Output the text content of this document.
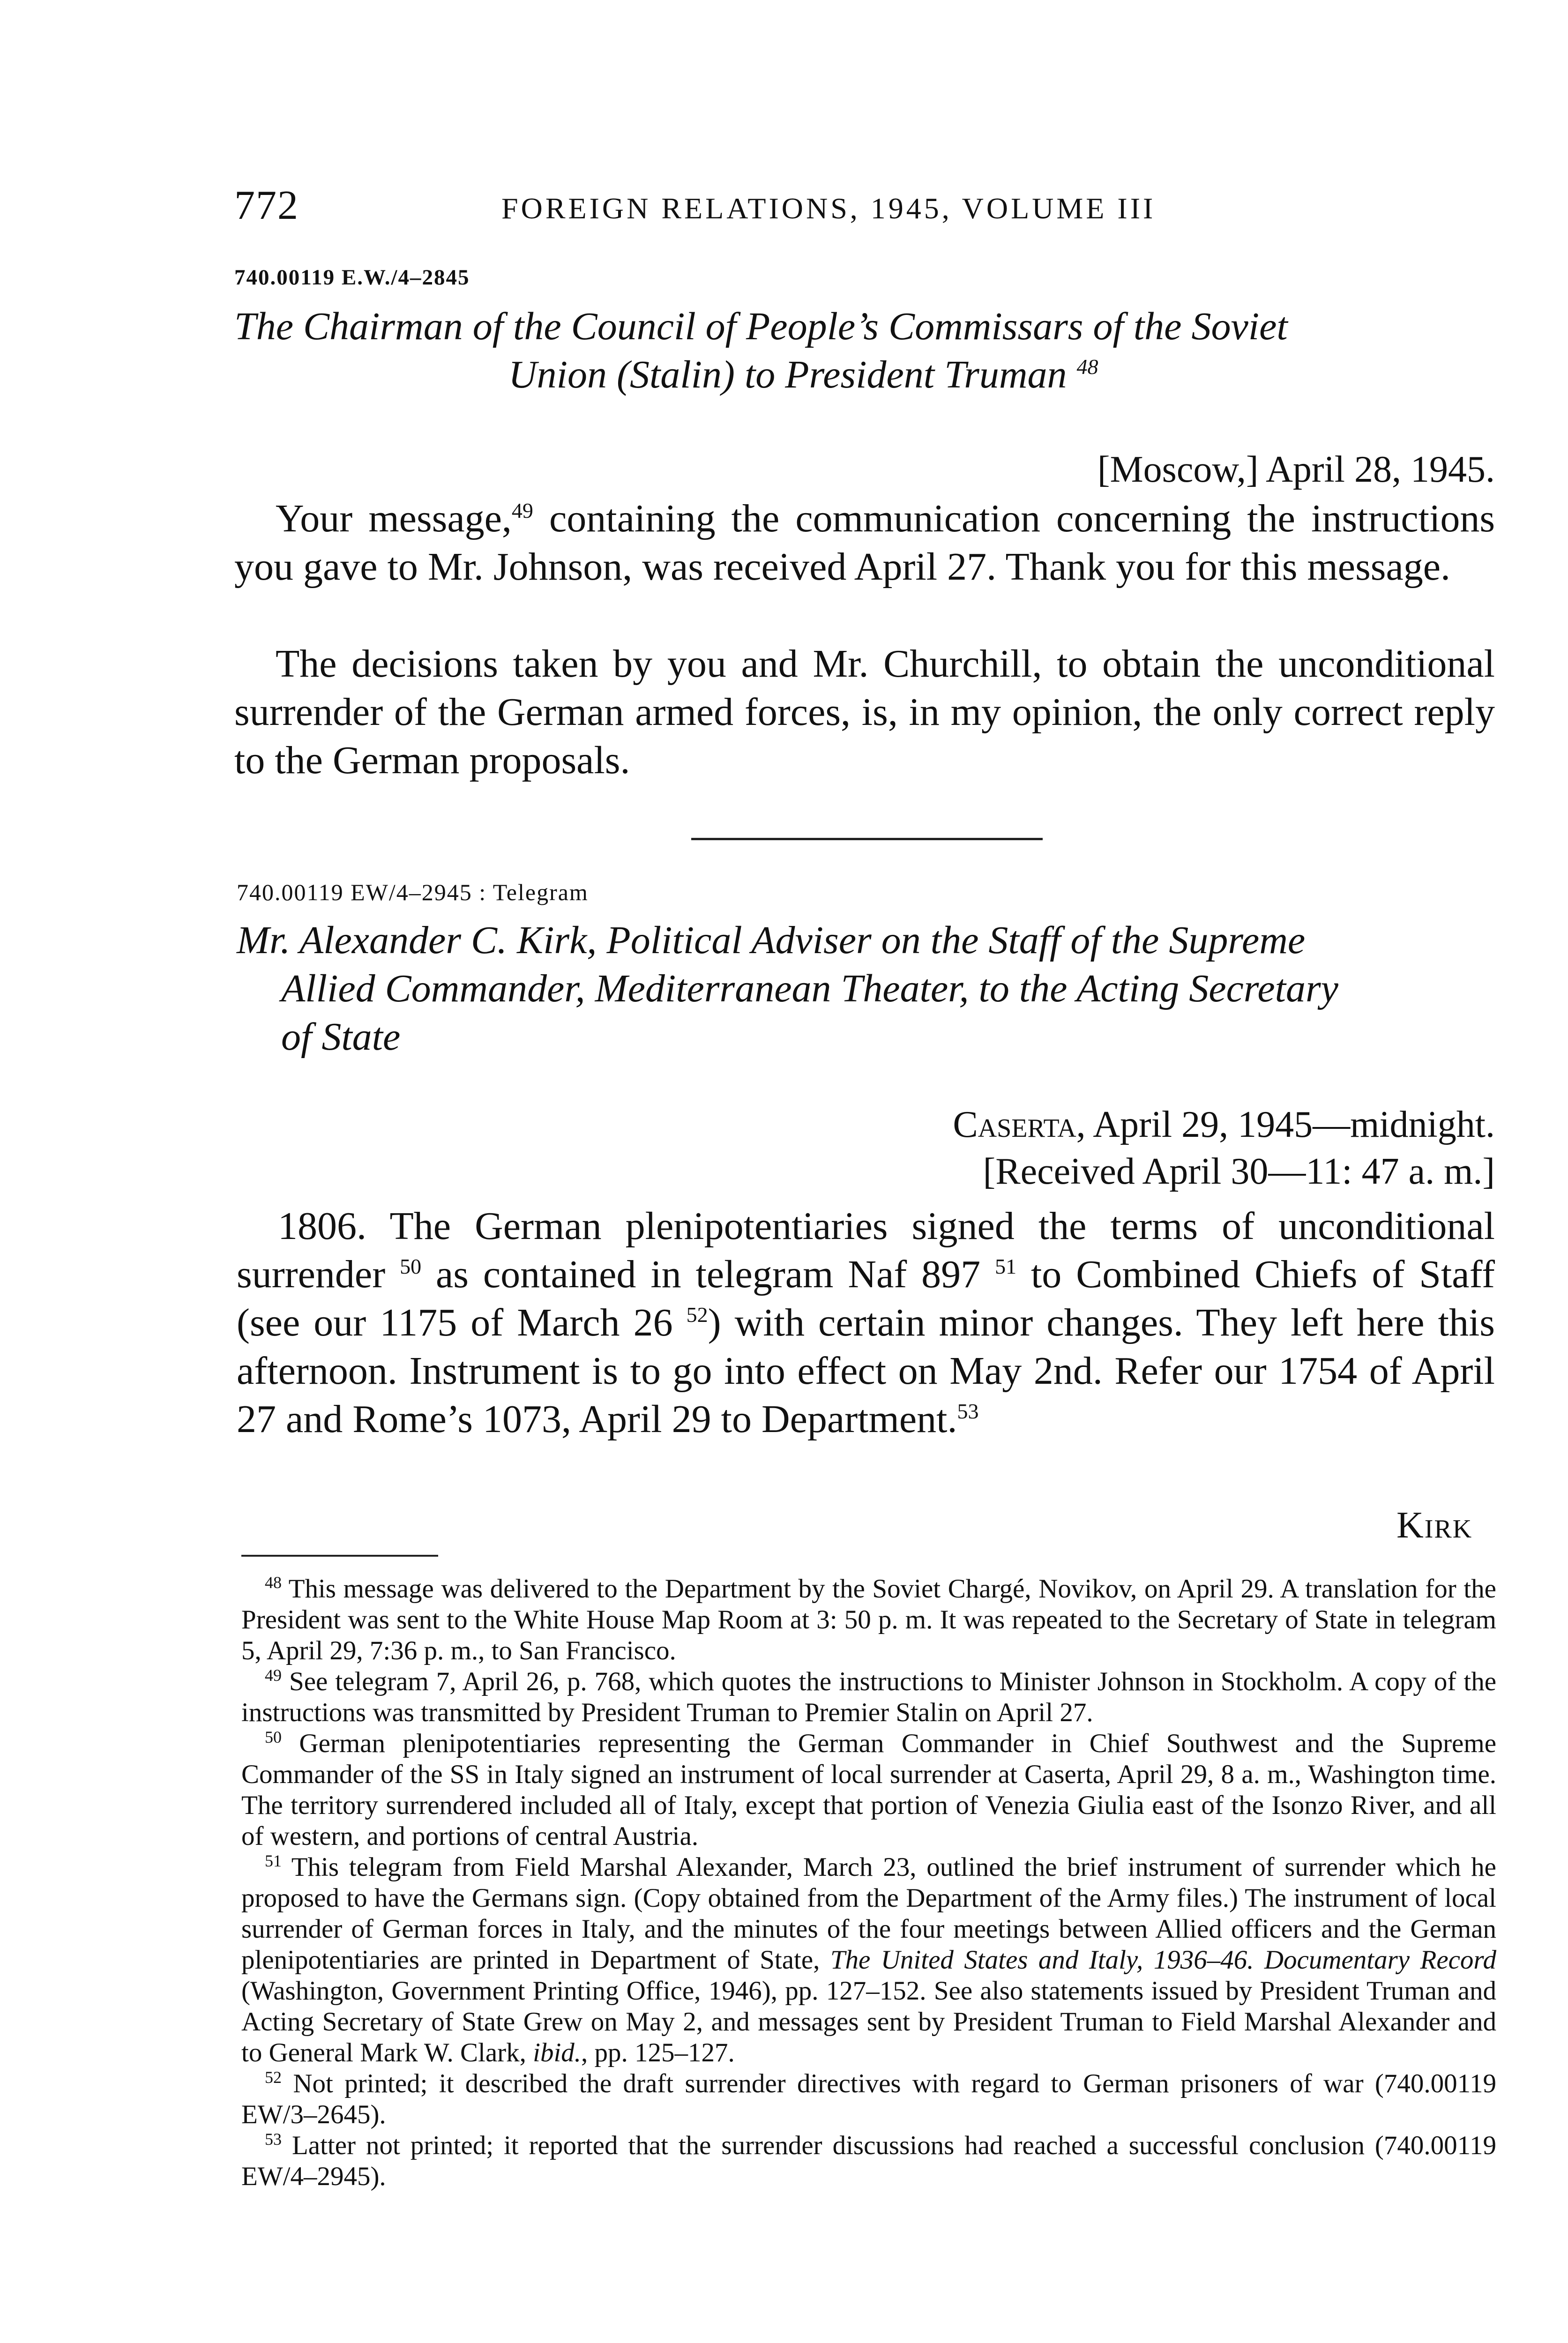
772	FOREIGN RELATIONS, 1945, VOLUME III
740.00119 E.W./4–2845
The Chairman of the Council of People’s Commissars of the Soviet
Union (Stalin) to President Truman $^{48}$
[Moscow,] April 28, 1945.
Your message,$^{49}$ containing the communication concerning the instructions you gave to Mr. Johnson, was received April 27. Thank you for this message.
The decisions taken by you and Mr. Churchill, to obtain the unconditional surrender of the German armed forces, is, in my opinion, the only correct reply to the German proposals.
740.00119 EW/4–2945 : Telegram
Mr. Alexander C. Kirk, Political Adviser on the Staff of the Supreme
Allied Commander, Mediterranean Theater, to the Acting Secretary
of State
Caserta, April 29, 1945—midnight.
[Received April 30—11: 47 a. m.]
1806. The German plenipotentiaries signed the terms of unconditional surrender $^{50}$ as contained in telegram Naf 897 $^{51}$ to Combined Chiefs of Staff (see our 1175 of March 26 $^{52}$) with certain minor changes. They left here this afternoon. Instrument is to go into effect on May 2nd. Refer our 1754 of April 27 and Rome’s 1073, April 29 to Department.$^{53}$
Kirk

$^{48}$ This message was delivered to the Department by the Soviet Chargé, Novikov, on April 29. A translation for the President was sent to the White House Map Room at 3: 50 p. m. It was repeated to the Secretary of State in telegram 5, April 29, 7:36 p. m., to San Francisco.

$^{49}$ See telegram 7, April 26, p. 768, which quotes the instructions to Minister Johnson in Stockholm. A copy of the instructions was transmitted by President Truman to Premier Stalin on April 27.

$^{50}$ German plenipotentiaries representing the German Commander in Chief Southwest and the Supreme Commander of the SS in Italy signed an instrument of local surrender at Caserta, April 29, 8 a. m., Washington time. The territory surrendered included all of Italy, except that portion of Venezia Giulia east of the Isonzo River, and all of western, and portions of central Austria.

$^{51}$ This telegram from Field Marshal Alexander, March 23, outlined the brief instrument of surrender which he proposed to have the Germans sign. (Copy obtained from the Department of the Army files.) The instrument of local surrender of German forces in Italy, and the minutes of the four meetings between Allied officers and the German plenipotentiaries are printed in Department of State, The United States and Italy, 1936–46. Documentary Record (Washington, Government Printing Office, 1946), pp. 127–152. See also statements issued by President Truman and Acting Secretary of State Grew on May 2, and messages sent by President Truman to Field Marshal Alexander and to General Mark W. Clark, ibid., pp. 125–127.

$^{52}$ Not printed; it described the draft surrender directives with regard to German prisoners of war (740.00119 EW/3–2645).

$^{53}$ Latter not printed; it reported that the surrender discussions had reached a successful conclusion (740.00119 EW/4–2945).
